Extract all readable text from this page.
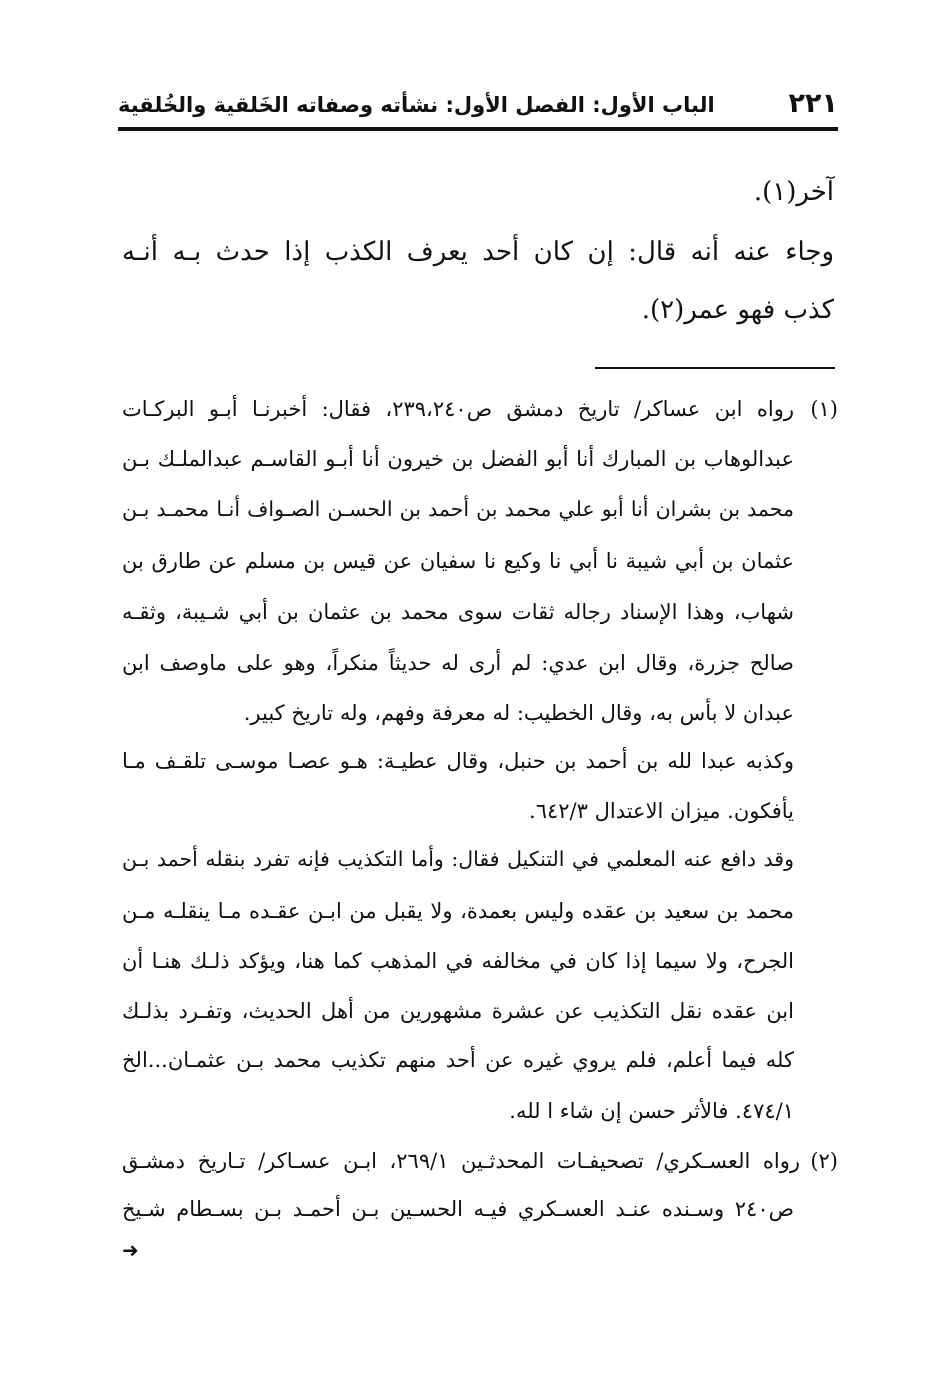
٢٢١
الباب الأول: الفصل الأول: نشأته وصفاته الخَلقية والخُلقية
آخر(١).
وجاء عنه أنه قال: إن كان أحد يعرف الكذب إذا حدث بـه أنـه
كذب فهو عمر(٢).
(١)
رواه ابن عساكر/ تاريخ دمشق ص٢٣٩،٢٤٠، فقال: أخبرنـا أبـو البركـات
عبدالوهاب بن المبارك أنا أبو الفضل بن خيرون أنا أبـو القاسـم عبدالملـك بـن
محمد بن بشران أنا أبو علي محمد بن أحمد بن الحسـن الصـواف أنـا محمـد بـن
عثمان بن أبي شيبة نا أبي نا وكيع نا سفيان عن قيس بن مسلم عن طارق بن
شهاب، وهذا الإسناد رجاله ثقات سوى محمد بن عثمان بن أبي شـيبة، وثقـه
صالح جزرة، وقال ابن عدي: لم أرى له حديثاً منكراً، وهو على ماوصف ابن
عبدان لا بأس به، وقال الخطيب: له معرفة وفهم، وله تاريخ كبير.
وكذبه عبدا لله بن أحمد بن حنبل، وقال عطيـة: هـو عصـا موسـى تلقـف مـا
يأفكون. ميزان الاعتدال ٦٤٢/٣.
وقد دافع عنه المعلمي في التنكيل فقال: وأما التكذيب فإنه تفرد بنقله أحمد بـن
محمد بن سعيد بن عقده وليس بعمدة، ولا يقبل من ابـن عقـده مـا ينقلـه مـن
الجرح، ولا سيما إذا كان في مخالفه في المذهب كما هنا، ويؤكد ذلـك هنـا أن
ابن عقده نقل التكذيب عن عشرة مشهورين من أهل الحديث، وتفـرد بذلـك
كله فيما أعلم، فلم يروي غيره عن أحد منهم تكذيب محمد بـن عثمـان...الخ
٤٧٤/١. فالأثر حسن إن شاء ا لله.
(٢)
رواه العسـكري/ تصحيفـات المحدثـين ٢٦٩/١، ابـن عسـاكر/ تـاريخ دمشـق
ص٢٤٠ وسـنده عنـد العسـكري فيـه الحسـين بـن أحمـد بـن بسـطام شـيخ
➜
